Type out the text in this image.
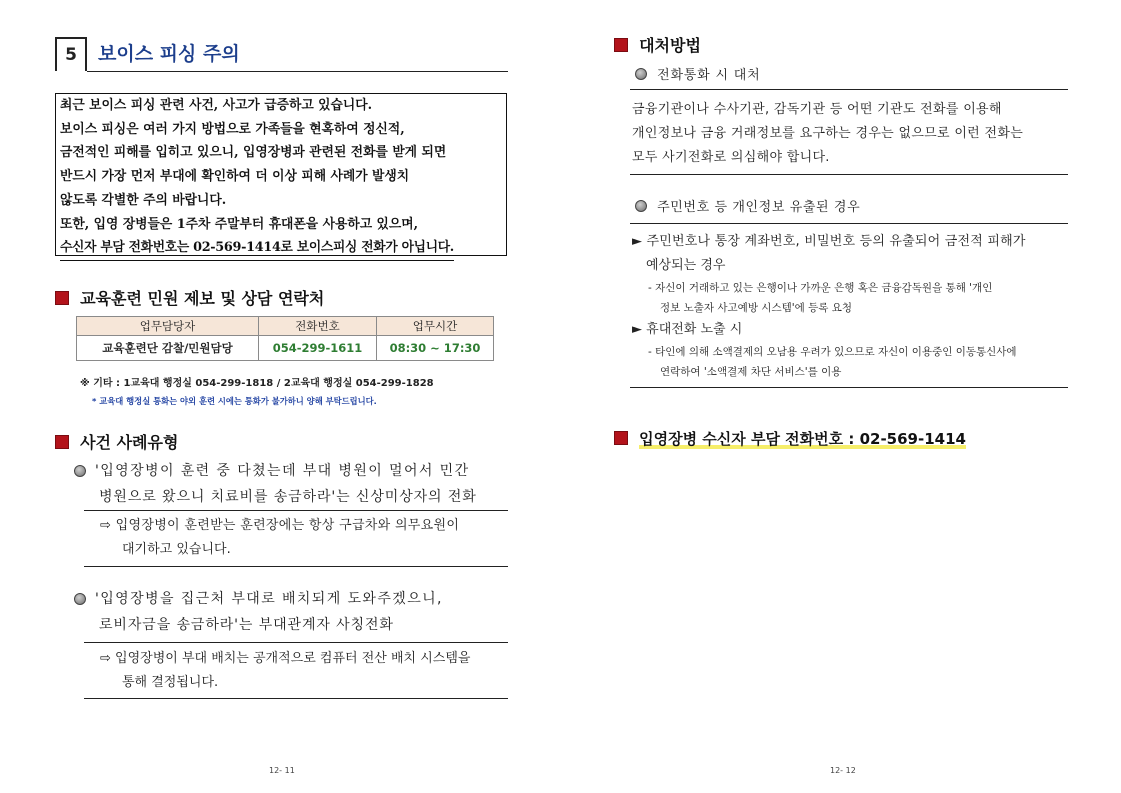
5	보이스 피싱 주의
최근 보이스 피싱 관련 사건, 사고가 급증하고 있습니다.
보이스 피싱은 여러 가지 방법으로 가족들을 현혹하여 정신적,
금전적인 피해를 입히고 있으니, 입영장병과 관련된 전화를 받게 되면
반드시 가장 먼저 부대에 확인하여 더 이상 피해 사례가 발생치
않도록 각별한 주의 바랍니다.
또한, 입영 장병들은 1주차 주말부터 휴대폰을 사용하고 있으며,
수신자 부담 전화번호는 02-569-1414로 보이스피싱 전화가 아닙니다.
교육훈련 민원 제보 및 상담 연락처
업무담당자	전화번호	업무시간
교육훈련단 감찰/민원담당	054-299-1611	08:30 ~ 17:30
※ 기타 : 1교육대 행정실 054-299-1818 / 2교육대 행정실 054-299-1828
* 교육대 행정실 통화는 야외 훈련 시에는 통화가 불가하니 양해 부탁드립니다.
사건 사례유형
'입영장병이 훈련 중 다쳤는데 부대 병원이 멀어서 민간
병원으로 왔으니 치료비를 송금하라'는 신상미상자의 전화
⇨ 입영장병이 훈련받는 훈련장에는 항상 구급차와 의무요원이
대기하고 있습니다.
'입영장병을 집근처 부대로 배치되게 도와주겠으니,
로비자금을 송금하라'는 부대관계자 사칭전화
⇨ 입영장병이 부대 배치는 공개적으로 컴퓨터 전산 배치 시스템을
통해 결정됩니다.
12- 11
대처방법
전화통화 시 대처
금융기관이나 수사기관, 감독기관 등 어떤 기관도 전화를 이용해
개인정보나 금융 거래정보를 요구하는 경우는 없으므로 이런 전화는
모두 사기전화로 의심해야 합니다.
주민번호 등 개인정보 유출된 경우
► 주민번호나 통장 계좌번호, 비밀번호 등의 유출되어 금전적 피해가
예상되는 경우
- 자신이 거래하고 있는 은행이나 가까운 은행 혹은 금융감독원을 통해 '개인
정보 노출자 사고예방 시스템'에 등록 요청
► 휴대전화 노출 시
- 타인에 의해 소액결제의 오남용 우려가 있으므로 자신이 이용중인 이동통신사에
연락하여 '소액결제 차단 서비스'를 이용
입영장병 수신자 부담 전화번호 : 02-569-1414
12- 12
